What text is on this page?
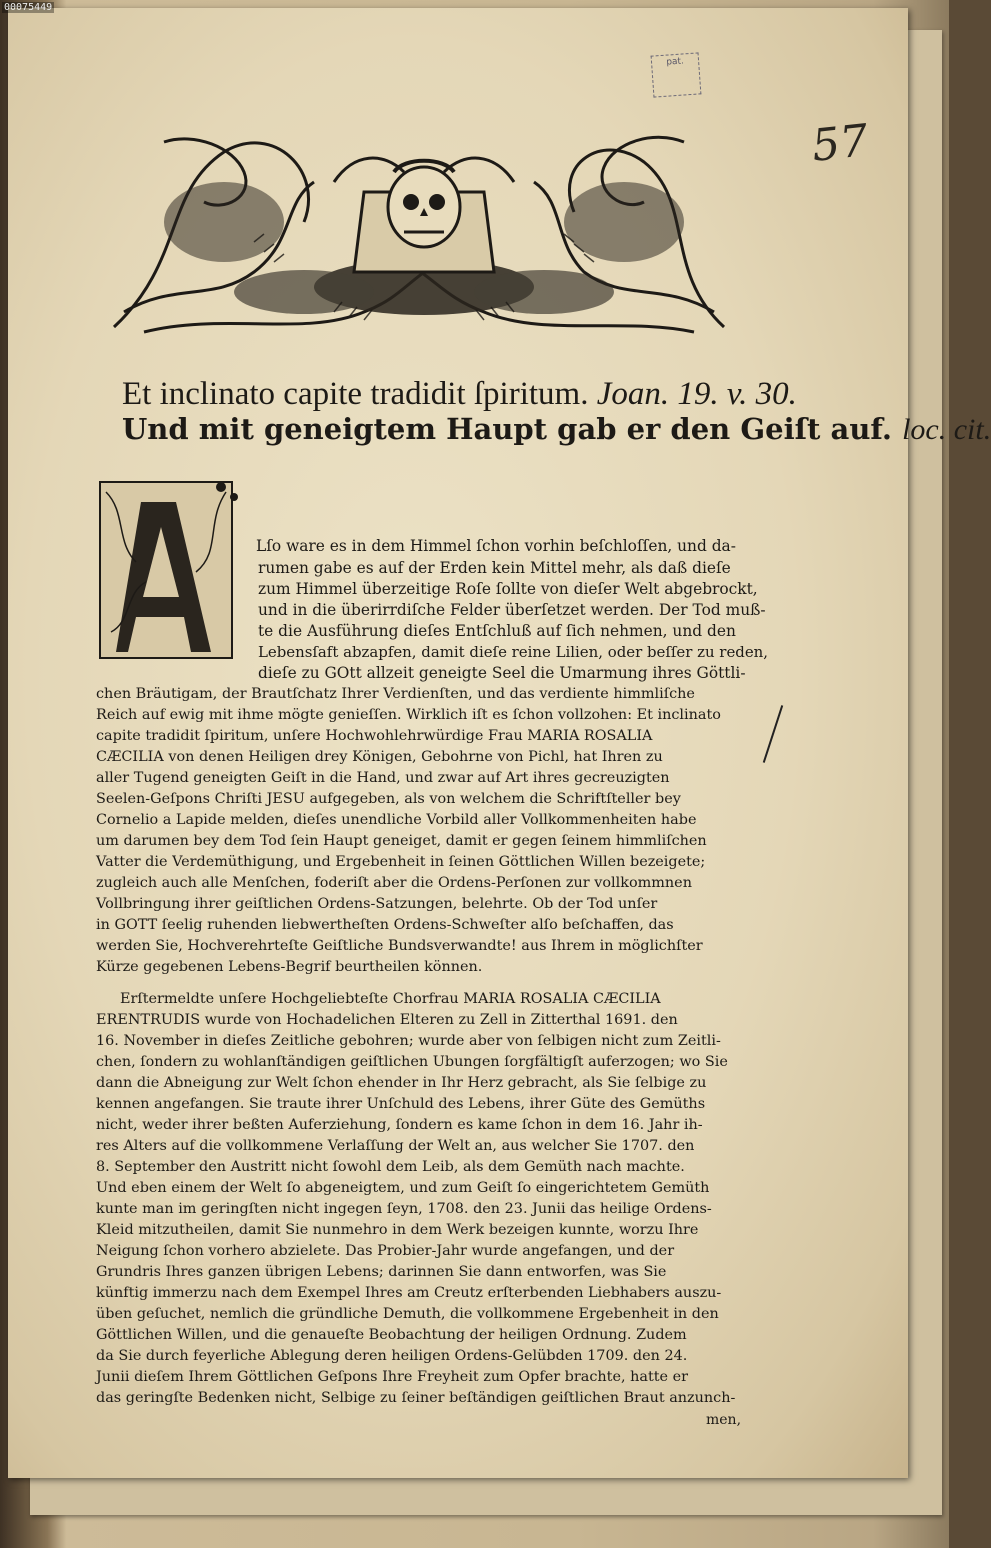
00075449
pat.
57
Et inclinato capite tradidit ſpiritum. Joan. 19. v. 30.
Und mit geneigtem Haupt gab er den Geiſt auf. loc. cit.
Lſo ware es in dem Himmel ſchon vorhin beſchloſſen, und da-
rumen gabe es auf der Erden kein Mittel mehr, als daß dieſe
zum Himmel überzeitige Roſe ſollte von dieſer Welt abgebrockt,
und in die überirrdiſche Felder überſetzet werden. Der Tod muß-
te die Ausführung dieſes Entſchluß auf ſich nehmen, und den
Lebensſaft abzapfen, damit dieſe reine Lilien, oder beſſer zu reden,
dieſe zu GOtt allzeit geneigte Seel die Umarmung ihres Göttli-
chen Bräutigam, der Brautſchatz Ihrer Verdienſten, und das verdiente himmliſche
Reich auf ewig mit ihme mögte genieſſen. Wirklich iſt es ſchon vollzohen: Et inclinato
capite tradidit ſpiritum, unſere Hochwohlehrwürdige Frau MARIA ROSALIA
CÆCILIA von denen Heiligen drey Königen, Gebohrne von Pichl, hat Ihren zu
aller Tugend geneigten Geiſt in die Hand, und zwar auf Art ihres gecreuzigten
Seelen-Geſpons Chriſti JESU aufgegeben, als von welchem die Schriftſteller bey
Cornelio a Lapide melden, dieſes unendliche Vorbild aller Vollkommenheiten habe
um darumen bey dem Tod ſein Haupt geneiget, damit er gegen ſeinem himmliſchen
Vatter die Verdemüthigung, und Ergebenheit in ſeinen Göttlichen Willen bezeigete;
zugleich auch alle Menſchen, foderiſt aber die Ordens-Perſonen zur vollkommnen
Vollbringung ihrer geiſtlichen Ordens-Satzungen, belehrte. Ob der Tod unſer
in GOTT ſeelig ruhenden liebwertheſten Ordens-Schweſter alſo beſchaffen, das
werden Sie, Hochverehrteſte Geiſtliche Bundsverwandte! aus Ihrem in möglichſter
Kürze gegebenen Lebens-Begrif beurtheilen können.
Erſtermeldte unſere Hochgeliebteſte Chorfrau MARIA ROSALIA CÆCILIA
ERENTRUDIS wurde von Hochadelichen Elteren zu Zell in Zitterthal 1691. den
16. November in dieſes Zeitliche gebohren; wurde aber von ſelbigen nicht zum Zeitli-
chen, ſondern zu wohlanſtändigen geiſtlichen Ubungen ſorgfältigſt auferzogen; wo Sie
dann die Abneigung zur Welt ſchon ehender in Ihr Herz gebracht, als Sie ſelbige zu
kennen angefangen. Sie traute ihrer Unſchuld des Lebens, ihrer Güte des Gemüths
nicht, weder ihrer beßten Auferziehung, ſondern es kame ſchon in dem 16. Jahr ih-
res Alters auf die vollkommene Verlaſſung der Welt an, aus welcher Sie 1707. den
8. September den Austritt nicht ſowohl dem Leib, als dem Gemüth nach machte.
Und eben einem der Welt ſo abgeneigtem, und zum Geiſt ſo eingerichtetem Gemüth
kunte man im geringſten nicht ingegen ſeyn, 1708. den 23. Junii das heilige Ordens-
Kleid mitzutheilen, damit Sie nunmehro in dem Werk bezeigen kunnte, worzu Ihre
Neigung ſchon vorhero abzielete. Das Probier-Jahr wurde angefangen, und der
Grundris Ihres ganzen übrigen Lebens; darinnen Sie dann entworfen, was Sie
künftig immerzu nach dem Exempel Ihres am Creutz erſterbenden Liebhabers auszu-
üben geſuchet, nemlich die gründliche Demuth, die vollkommene Ergebenheit in den
Göttlichen Willen, und die genaueſte Beobachtung der heiligen Ordnung. Zudem
da Sie durch feyerliche Ablegung deren heiligen Ordens-Gelübden 1709. den 24.
Junii dieſem Ihrem Göttlichen Geſpons Ihre Freyheit zum Opfer brachte, hatte er
das geringſte Bedenken nicht, Selbige zu ſeiner beſtändigen geiſtlichen Braut anzunch-
men,
